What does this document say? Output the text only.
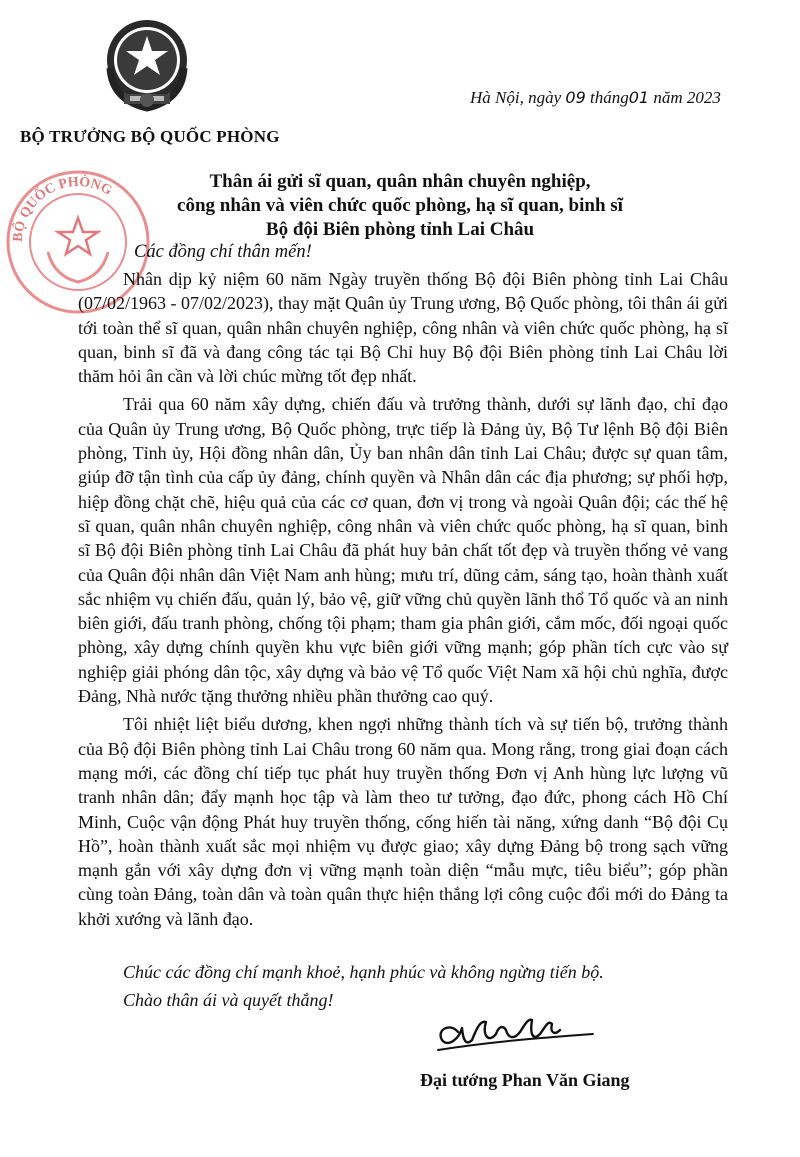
BỘ QUỐC PHÒNG
Hà Nội, ngày 09 tháng01 năm 2023
BỘ TRƯỞNG BỘ QUỐC PHÒNG
Thân ái gửi sĩ quan, quân nhân chuyên nghiệp,
công nhân và viên chức quốc phòng, hạ sĩ quan, binh sĩ
Bộ đội Biên phòng tỉnh Lai Châu
Các đồng chí thân mến!

Nhân dịp kỷ niệm 60 năm Ngày truyền thống Bộ đội Biên phòng tỉnh Lai Châu (07/02/1963 - 07/02/2023), thay mặt Quân ủy Trung ương, Bộ Quốc phòng, tôi thân ái gửi tới toàn thể sĩ quan, quân nhân chuyên nghiệp, công nhân và viên chức quốc phòng, hạ sĩ quan, binh sĩ đã và đang công tác tại Bộ Chỉ huy Bộ đội Biên phòng tỉnh Lai Châu lời thăm hỏi ân cần và lời chúc mừng tốt đẹp nhất.

Trải qua 60 năm xây dựng, chiến đấu và trưởng thành, dưới sự lãnh đạo, chỉ đạo của Quân ủy Trung ương, Bộ Quốc phòng, trực tiếp là Đảng ủy, Bộ Tư lệnh Bộ đội Biên phòng, Tỉnh ủy, Hội đồng nhân dân, Ủy ban nhân dân tỉnh Lai Châu; được sự quan tâm, giúp đỡ tận tình của cấp ủy đảng, chính quyền và Nhân dân các địa phương; sự phối hợp, hiệp đồng chặt chẽ, hiệu quả của các cơ quan, đơn vị trong và ngoài Quân đội; các thế hệ sĩ quan, quân nhân chuyên nghiệp, công nhân và viên chức quốc phòng, hạ sĩ quan, binh sĩ Bộ đội Biên phòng tỉnh Lai Châu đã phát huy bản chất tốt đẹp và truyền thống vẻ vang của Quân đội nhân dân Việt Nam anh hùng; mưu trí, dũng cảm, sáng tạo, hoàn thành xuất sắc nhiệm vụ chiến đấu, quản lý, bảo vệ, giữ vững chủ quyền lãnh thổ Tổ quốc và an ninh biên giới, đấu tranh phòng, chống tội phạm; tham gia phân giới, cắm mốc, đối ngoại quốc phòng, xây dựng chính quyền khu vực biên giới vững mạnh; góp phần tích cực vào sự nghiệp giải phóng dân tộc, xây dựng và bảo vệ Tổ quốc Việt Nam xã hội chủ nghĩa, được Đảng, Nhà nước tặng thưởng nhiều phần thưởng cao quý.

Tôi nhiệt liệt biểu dương, khen ngợi những thành tích và sự tiến bộ, trưởng thành của Bộ đội Biên phòng tỉnh Lai Châu trong 60 năm qua. Mong rằng, trong giai đoạn cách mạng mới, các đồng chí tiếp tục phát huy truyền thống Đơn vị Anh hùng lực lượng vũ tranh nhân dân; đẩy mạnh học tập và làm theo tư tưởng, đạo đức, phong cách Hồ Chí Minh, Cuộc vận động Phát huy truyền thống, cống hiến tài năng, xứng danh “Bộ đội Cụ Hồ”, hoàn thành xuất sắc mọi nhiệm vụ được giao; xây dựng Đảng bộ trong sạch vững mạnh gắn với xây dựng đơn vị vững mạnh toàn diện “mẫu mực, tiêu biểu”; góp phần cùng toàn Đảng, toàn dân và toàn quân thực hiện thắng lợi công cuộc đổi mới do Đảng ta khởi xướng và lãnh đạo.

Chúc các đồng chí mạnh khoẻ, hạnh phúc và không ngừng tiến bộ.
Chào thân ái và quyết thắng!
Đại tướng Phan Văn Giang
